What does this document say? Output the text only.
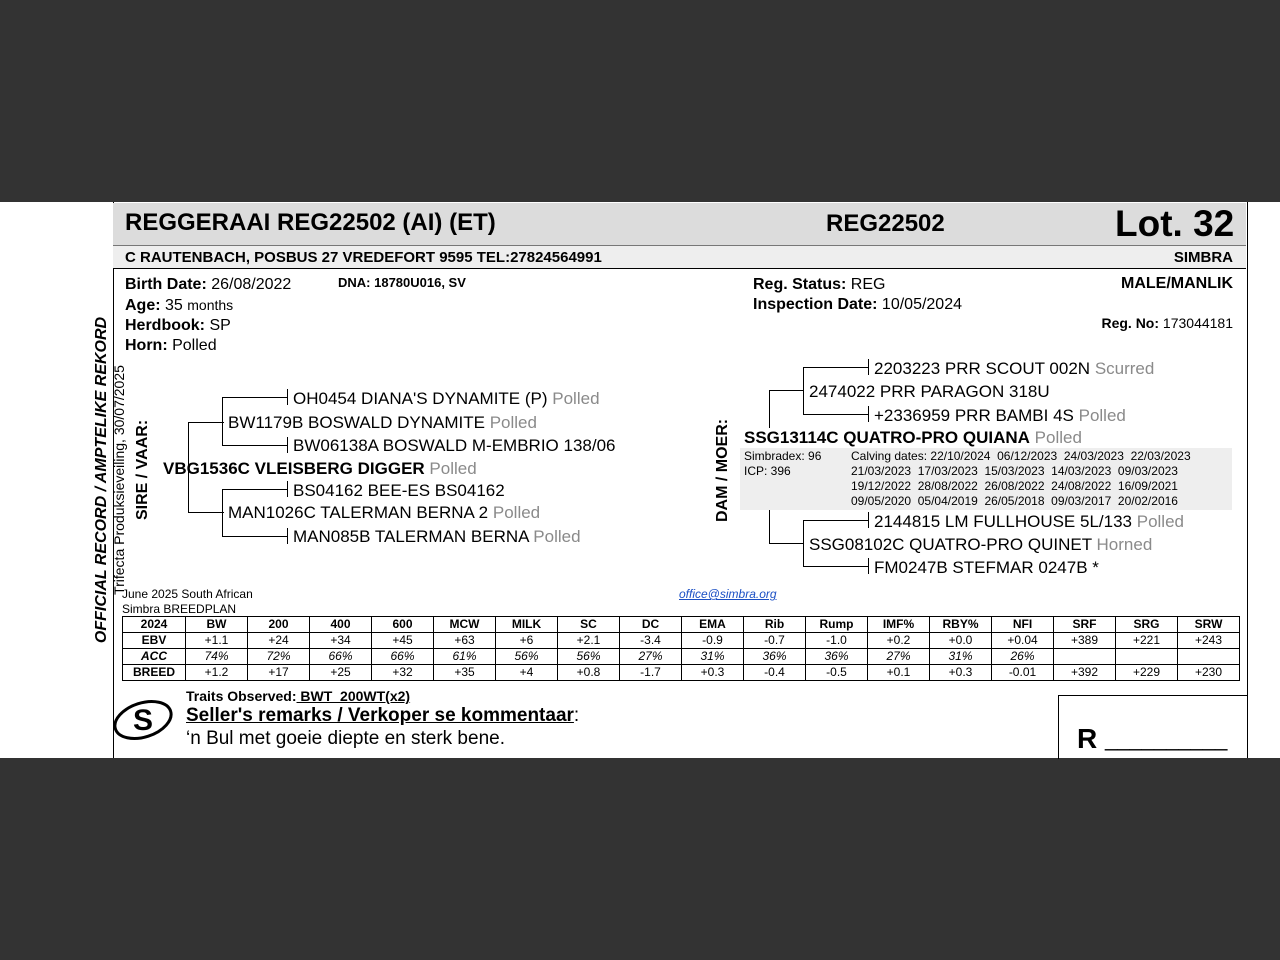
OFFICIAL RECORD / AMPTELIKE REKORD Trifecta Produksieveiling, 30/07/2025
REGGERAAI REG22502 (AI) (ET)	REG22502	Lot. 32
C RAUTENBACH, POSBUS 27 VREDEFORT 9595 TEL:27824564991	SIMBRA
Birth Date: 26/08/2022
Age: 35 months
Herdbook: SP
Horn: Polled
DNA: 18780U016, SV	Reg. Status: REG
Inspection Date: 10/05/2024
MALE/MANLIK
Reg. No: 173044181
SIRE / VAAR:
OH0454 DIANA'S DYNAMITE (P) Polled
BW1179B BOSWALD DYNAMITE Polled
BW06138A BOSWALD M-EMBRIO 138/06
VBG1536C VLEISBERG DIGGER Polled
BS04162 BEE-ES BS04162
MAN1026C TALERMAN BERNA 2 Polled
MAN085B TALERMAN BERNA Polled
DAM / MOER:
2203223 PRR SCOUT 002N Scurred
2474022 PRR PARAGON 318U
+2336959 PRR BAMBI 4S Polled
SSG13114C QUATRO-PRO QUIANA Polled
Simbradex: 96
ICP: 396
Calving dates: 22/10/2024  06/12/2023  24/03/2023  22/03/2023
21/03/2023  17/03/2023  15/03/2023  14/03/2023  09/03/2023
19/12/2022  28/08/2022  26/08/2022  24/08/2022  16/09/2021
09/05/2020  05/04/2019  26/05/2018  09/03/2017  20/02/2016
SSG08102C QUATRO-PRO QUINET Horned
2144815 LM FULLHOUSE 5L/133 Polled
FM0247B STEFMAR 0247B *
June 2025 South African
Simbra BREEDPLAN
office@simbra.org
2024	BW	200	400	600	MCW	MILK	SC	DC	EMA	Rib	Rump	IMF%	RBY%	NFI	SRF	SRG	SRW
EBV	+1.1	+24	+34	+45	+63	+6	+2.1	-3.4	-0.9	-0.7	-1.0	+0.2	+0.0	+0.04	+389	+221	+243
ACC	74%	72%	66%	66%	61%	56%	56%	27%	31%	36%	36%	27%	31%	26%			
BREED	+1.2	+17	+25	+32	+35	+4	+0.8	-1.7	+0.3	-0.4	-0.5	+0.1	+0.3	-0.01	+392	+229	+230
S
Traits Observed: BWT  200WT(x2)
Seller's remarks / Verkoper se kommentaar:
‘n Bul met goeie diepte en sterk bene.	R __________
